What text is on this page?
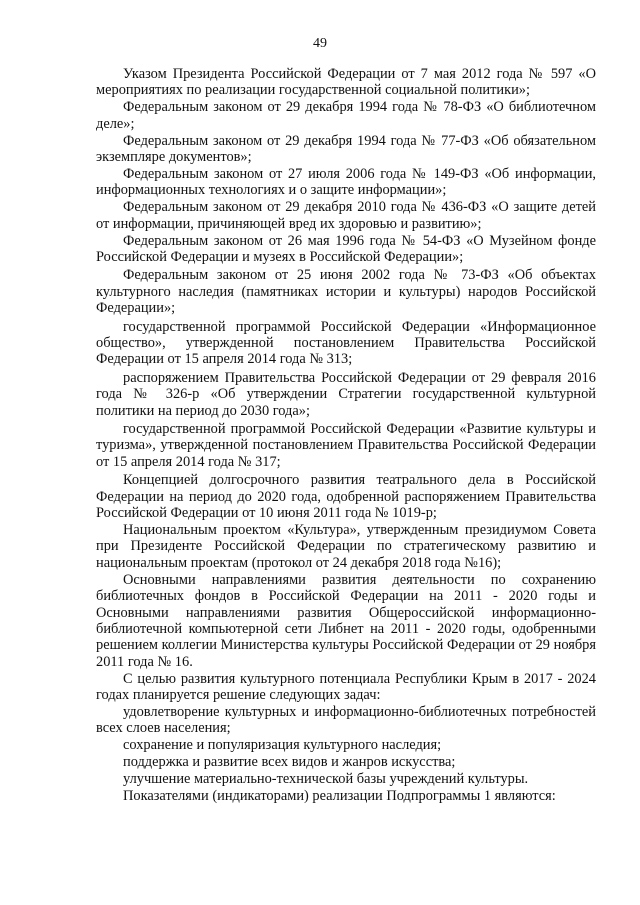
49

Указом Президента Российской Федерации от 7 мая 2012 года № 597 «О мероприятиях по реализации государственной социальной политики»;

Федеральным законом от 29 декабря 1994 года № 78-ФЗ «О библиотечном деле»;

Федеральным законом от 29 декабря 1994 года № 77-ФЗ «Об обязательном экземпляре документов»;

Федеральным законом от 27 июля 2006 года № 149-ФЗ «Об информации, информационных технологиях и о защите информации»;

Федеральным законом от 29 декабря 2010 года № 436-ФЗ «О защите детей от информации, причиняющей вред их здоровью и развитию»;

Федеральным законом от 26 мая 1996 года № 54-ФЗ «О Музейном фонде Российской Федерации и музеях в Российской Федерации»;

Федеральным законом от 25 июня 2002 года № 73-ФЗ «Об объектах культурного наследия (памятниках истории и культуры) народов Российской Федерации»;

государственной программой Российской Федерации «Информационное общество», утвержденной постановлением Правительства Российской Федерации от 15 апреля 2014 года № 313;

распоряжением Правительства Российской Федерации от 29 февраля 2016 года № 326-р «Об утверждении Стратегии государственной культурной политики на период до 2030 года»;

государственной программой Российской Федерации «Развитие культуры и туризма», утвержденной постановлением Правительства Российской Федерации от 15 апреля 2014 года № 317;

Концепцией долгосрочного развития театрального дела в Российской Федерации на период до 2020 года, одобренной распоряжением Правительства Российской Федерации от 10 июня 2011 года № 1019-р;

Национальным проектом «Культура», утвержденным президиумом Совета при Президенте Российской Федерации по стратегическому развитию и национальным проектам (протокол от 24 декабря 2018 года №16);

Основными направлениями развития деятельности по сохранению библиотечных фондов в Российской Федерации на 2011 - 2020 годы и Основными направлениями развития Общероссийской информационно-библиотечной компьютерной сети Либнет на 2011 - 2020 годы, одобренными решением коллегии Министерства культуры Российской Федерации от 29 ноября 2011 года № 16.

С целью развития культурного потенциала Республики Крым в 2017 - 2024 годах планируется решение следующих задач:

удовлетворение культурных и информационно-библиотечных потребностей всех слоев населения;

сохранение и популяризация культурного наследия;

поддержка и развитие всех видов и жанров искусства;

улучшение материально-технической базы учреждений культуры.

Показателями (индикаторами) реализации Подпрограммы 1 являются:
